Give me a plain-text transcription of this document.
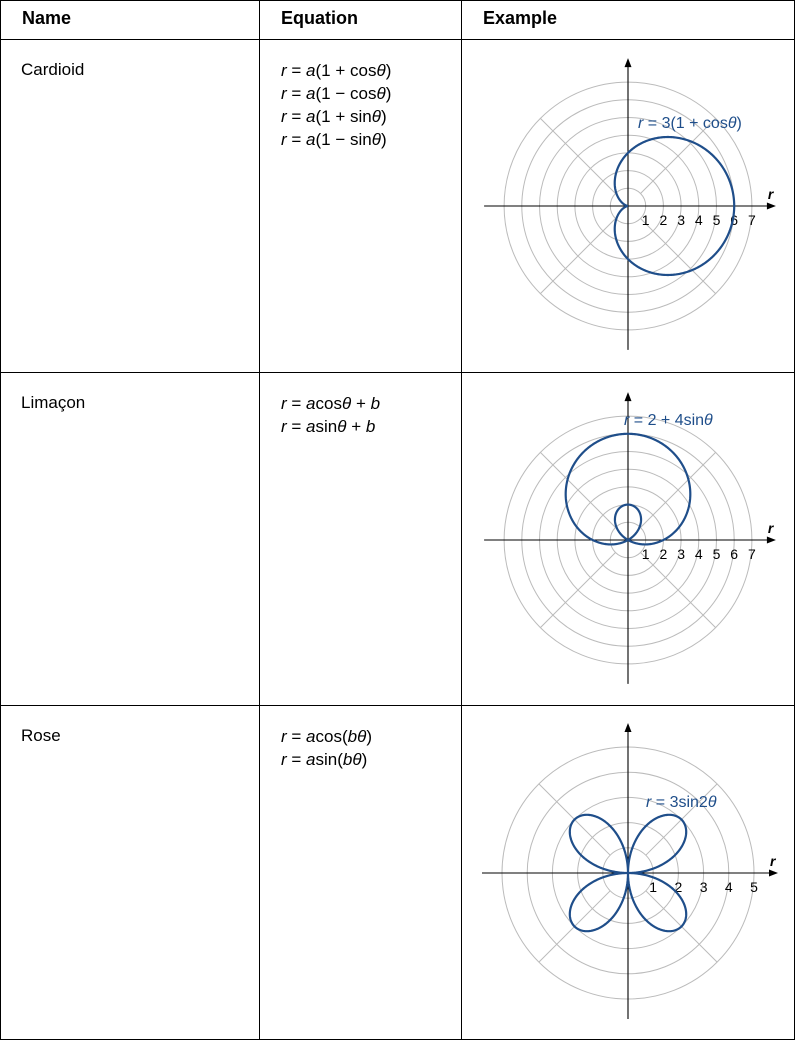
Name	Equation	Example
Cardioid	r = a(1 + cosθ)
r = a(1 − cosθ)
r = a(1 + sinθ)
r = a(1 − sinθ)
r
1 2 3 4 5 6 7
r = 3(1 + cosθ)
Limaçon	r = acosθ + b
r = asinθ + b
r
1 2 3 4 5 6 7
r = 2 + 4sinθ
Rose	r = acos(bθ)
r = asin(bθ)
r
1 2 3 4 5
r = 3sin2θ
